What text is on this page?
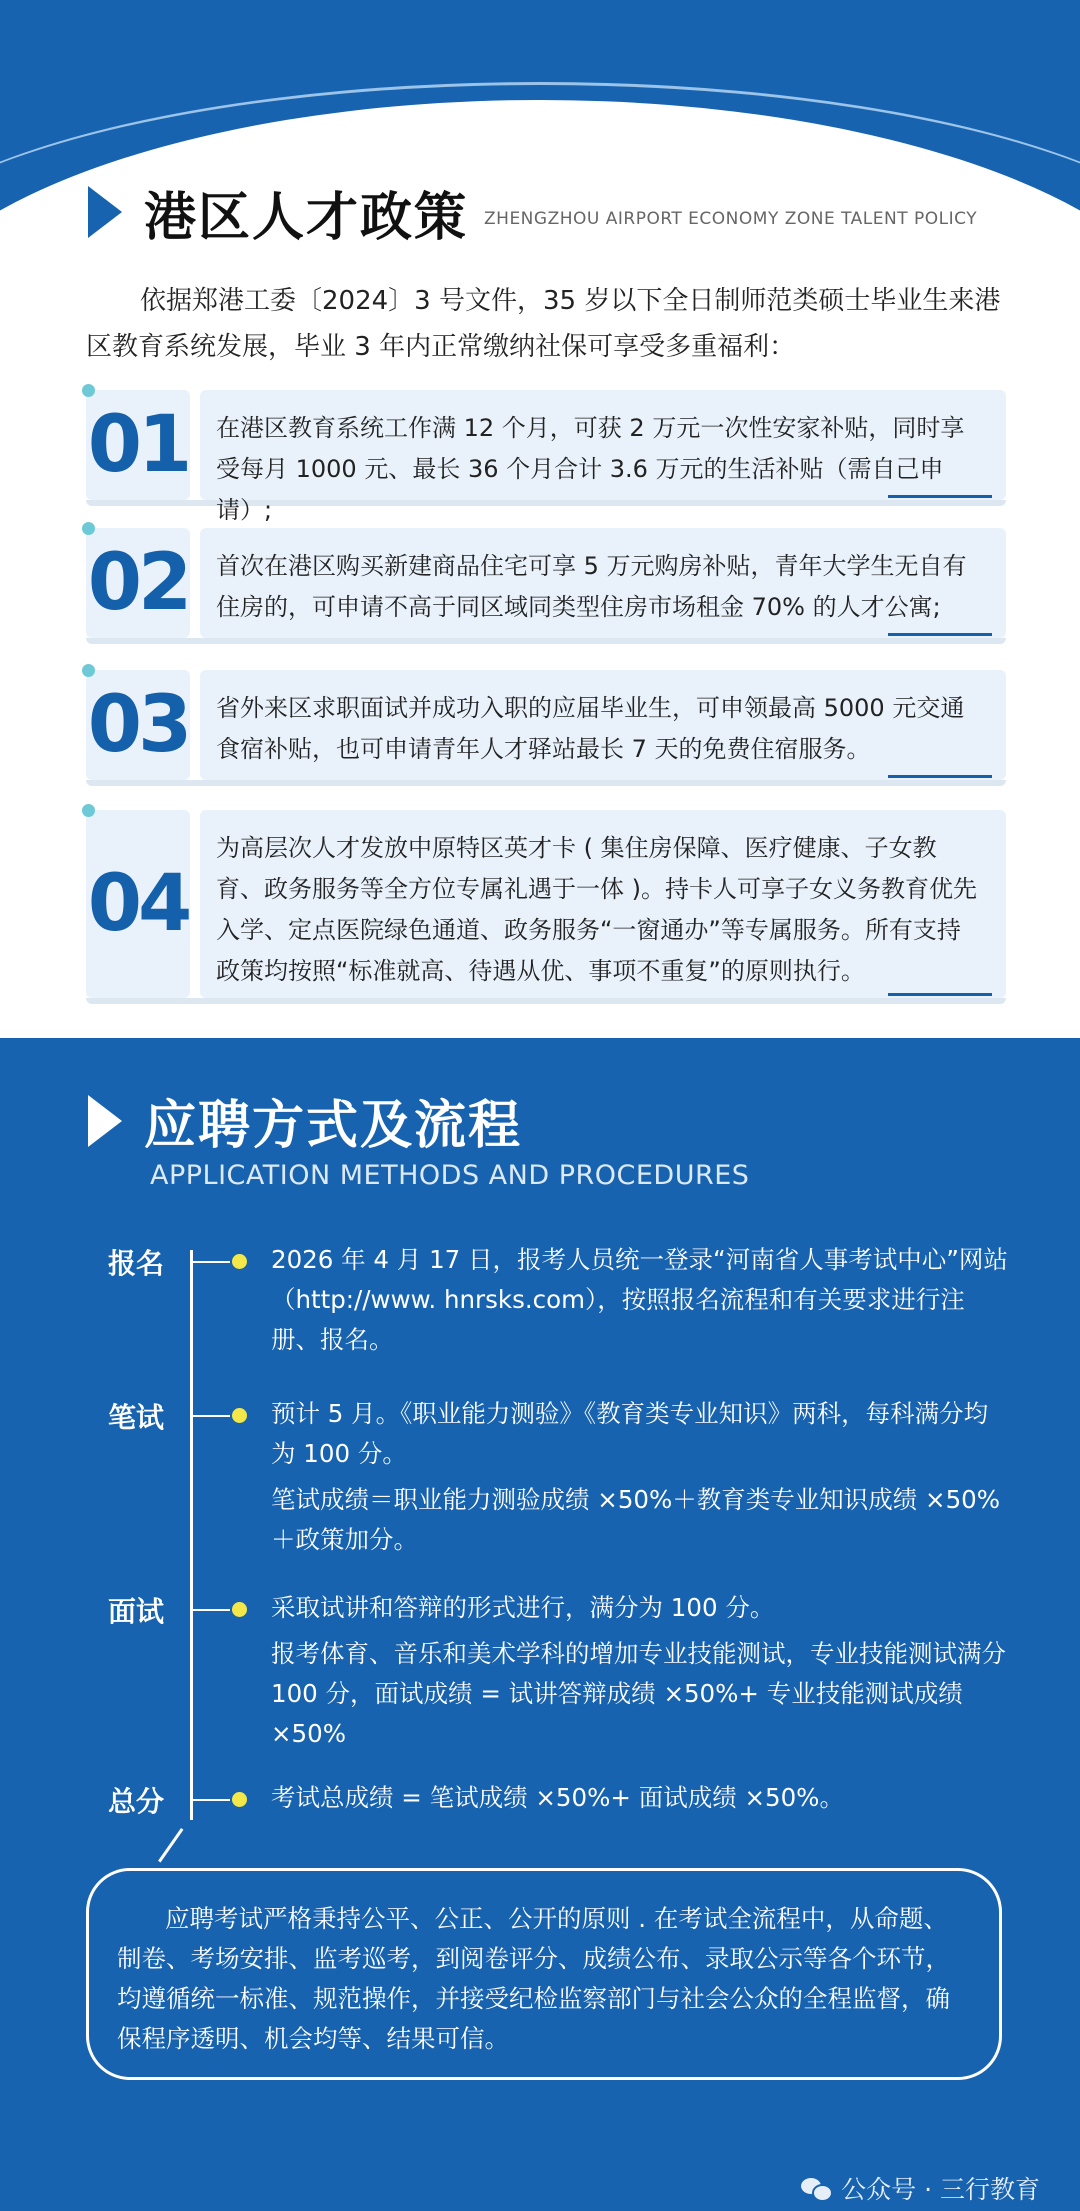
港区人才政策 ZHENGZHOU AIRPORT ECONOMY ZONE TALENT POLICY
依据郑港工委〔2024〕3 号文件，35 岁以下全日制师范类硕士毕业生来港区教育系统发展，毕业 3 年内正常缴纳社保可享受多重福利：
01	在港区教育系统工作满 12 个月，可获 2 万元一次性安家补贴，同时享受每月 1000 元、最长 36 个月合计 3.6 万元的生活补贴（需自己申请）;
02	首次在港区购买新建商品住宅可享 5 万元购房补贴，青年大学生无自有住房的，可申请不高于同区域同类型住房市场租金 70% 的人才公寓;
03	省外来区求职面试并成功入职的应届毕业生，可申领最高 5000 元交通食宿补贴，也可申请青年人才驿站最长 7 天的免费住宿服务。
04
为高层次人才发放中原特区英才卡 ( 集住房保障、医疗健康、子女教育、政务服务等全方位专属礼遇于一体 )。持卡人可享子女义务教育优先入学、定点医院绿色通道、政务服务“一窗通办”等专属服务。所有支持政策均按照“标准就高、待遇从优、事项不重复”的原则执行。
应聘方式及流程
APPLICATION METHODS AND PROCEDURES
报名	2026 年 4 月 17 日，报考人员统一登录“河南省人事考试中心”网站（http://www. hnrsks.com），按照报名流程和有关要求进行注册、报名。

笔试	预计 5 月。《职业能力测验》《教育类专业知识》两科，每科满分均为 100 分。

笔试成绩＝职业能力测验成绩 ×50%＋教育类专业知识成绩 ×50%＋政策加分。

面试	采取试讲和答辩的形式进行，满分为 100 分。

报考体育、音乐和美术学科的增加专业技能测试，专业技能测试满分 100 分，面试成绩 = 试讲答辩成绩 ×50%+ 专业技能测试成绩 ×50%

总分	考试总成绩 = 笔试成绩 ×50%+ 面试成绩 ×50%。

应聘考试严格秉持公平、公正、公开的原则 . 在考试全流程中，从命题、制卷、考场安排、监考巡考，到阅卷评分、成绩公布、录取公示等各个环节，均遵循统一标准、规范操作，并接受纪检监察部门与社会公众的全程监督，确保程序透明、机会均等、结果可信。
公众号 · 三行教育
